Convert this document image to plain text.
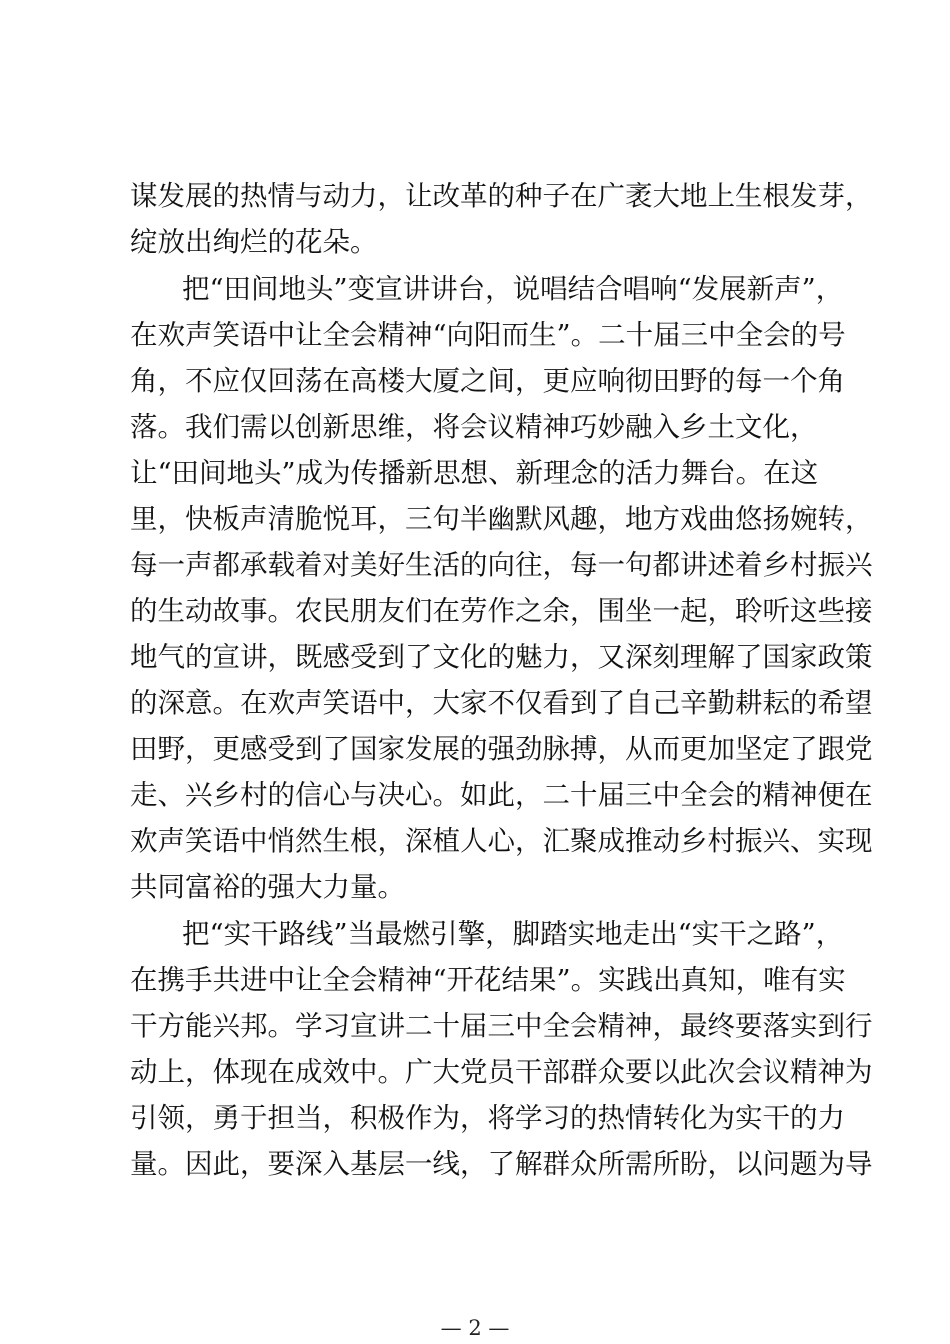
谋发展的热情与动力，让改革的种子在广袤大地上生根发芽，
绽放出绚烂的花朵。
把“田间地头”变宣讲讲台，说唱结合唱响“发展新声”，
在欢声笑语中让全会精神“向阳而生”。二十届三中全会的号
角，不应仅回荡在高楼大厦之间，更应响彻田野的每一个角
落。我们需以创新思维，将会议精神巧妙融入乡土文化，
让“田间地头”成为传播新思想、新理念的活力舞台。在这
里，快板声清脆悦耳，三句半幽默风趣，地方戏曲悠扬婉转，
每一声都承载着对美好生活的向往，每一句都讲述着乡村振兴
的生动故事。农民朋友们在劳作之余，围坐一起，聆听这些接
地气的宣讲，既感受到了文化的魅力，又深刻理解了国家政策
的深意。在欢声笑语中，大家不仅看到了自己辛勤耕耘的希望
田野，更感受到了国家发展的强劲脉搏，从而更加坚定了跟党
走、兴乡村的信心与决心。如此，二十届三中全会的精神便在
欢声笑语中悄然生根，深植人心，汇聚成推动乡村振兴、实现
共同富裕的强大力量。
把“实干路线”当最燃引擎，脚踏实地走出“实干之路”，
在携手共进中让全会精神“开花结果”。实践出真知，唯有实
干方能兴邦。学习宣讲二十届三中全会精神，最终要落实到行
动上，体现在成效中。广大党员干部群众要以此次会议精神为
引领，勇于担当，积极作为，将学习的热情转化为实干的力
量。因此，要深入基层一线，了解群众所需所盼，以问题为导
— 2 —
